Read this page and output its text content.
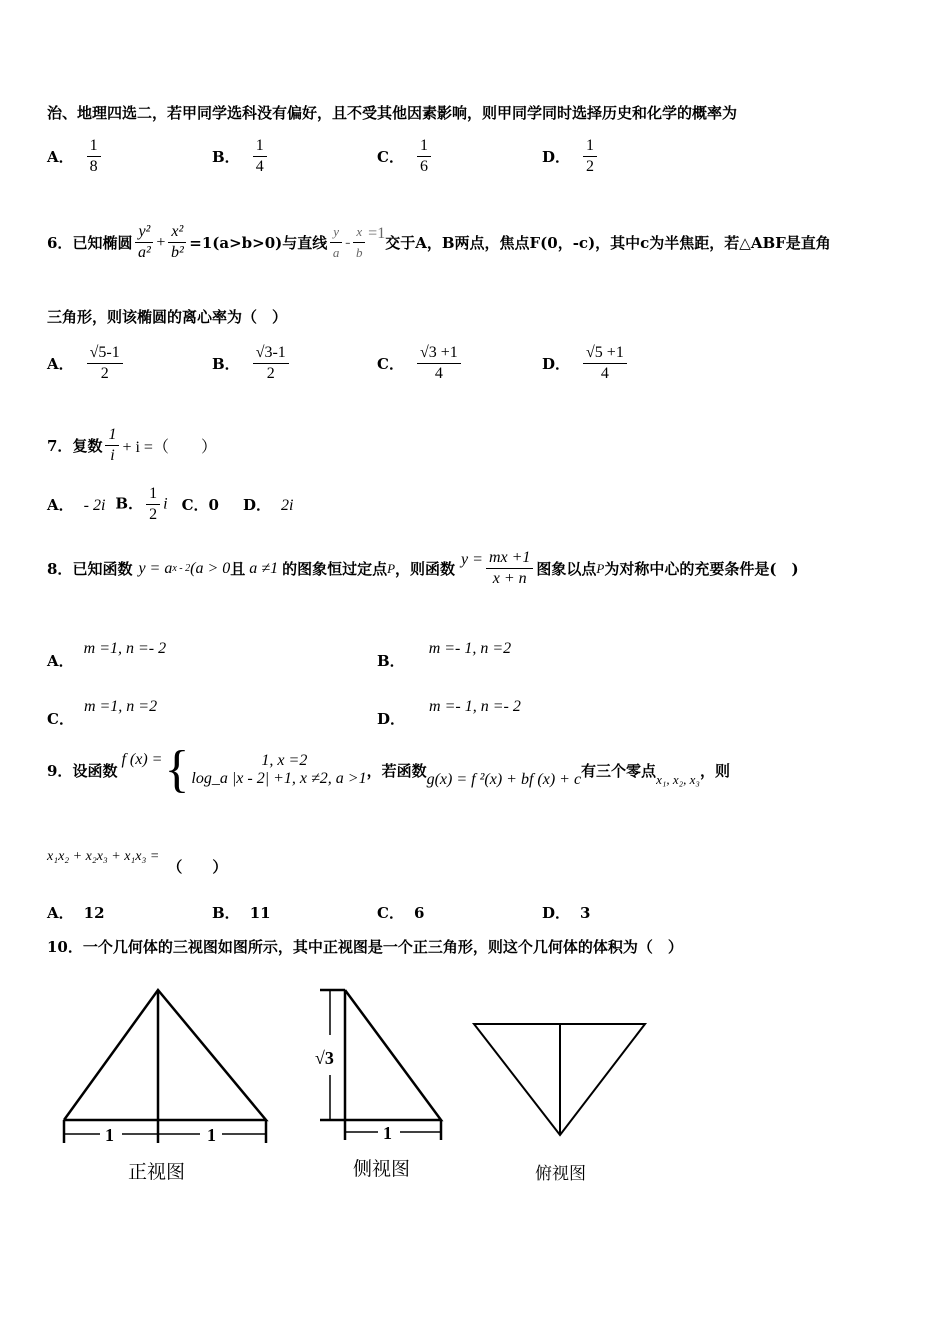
治、地理四选二，若甲同学选科没有偏好，且不受其他因素影响，则甲同学同时选择历史和化学的概率为
A． $\frac{1}{8}$	B． $\frac{1}{4}$	C． $\frac{1}{6}$	D． $\frac{1}{2}$
6． 已知椭圆 $\frac{\text{y²}}{\text{a²}} + \frac{\text{x²}}{\text{b²}} =1(a>b>0)$与直线 $\frac{y}{a} - \frac{x}{b} =1$
交于A，B两点，焦点F(0，-c)，其中c为半焦距，若△ABF是直角
三角形，则该椭圆的离心率为（　）
A． $\frac{√5-1}{2}$	B． $\frac{√3-1}{2}$	C． $\frac{√3 +1}{4}$	D． $\frac{√5 +1}{4}$
7． 复数 $\frac{1}{i} + i$ =（　　）
A． - 2i B． $\frac{1}{2}$ i C．0 D． 2i
8． 已知函数 y = a x - 2 (a > 0 且 a ≠1 的图象恒过定点 P ，则函数
$y = \frac{mx +1}{x + n}$ 图象以点 P 为对称中心的充要条件是(　)
A．
m =1, n =- 2
B．
m =- 1, n =2
C．
m =1, n =2
D．
m =- 1, n =- 2
9． 设函数
f (x) = {	1, x =2
log_a |x - 2| +1, x ≠2, a >1 ，若函数 g(x) = f ²(x) + bf (x) + c 有三个零点 x₁, x₂, x₃ ，则
x₁x₂ + x₂x₃ + x₁x₃ =
（　　）
A． 12	B． 11	C． 6	D． 3
10． 一个几何体的三视图如图所示，其中正视图是一个正三角形，则这个几何体的体积为（　）
1	1
正视图
√3
1
侧视图	俯视图
